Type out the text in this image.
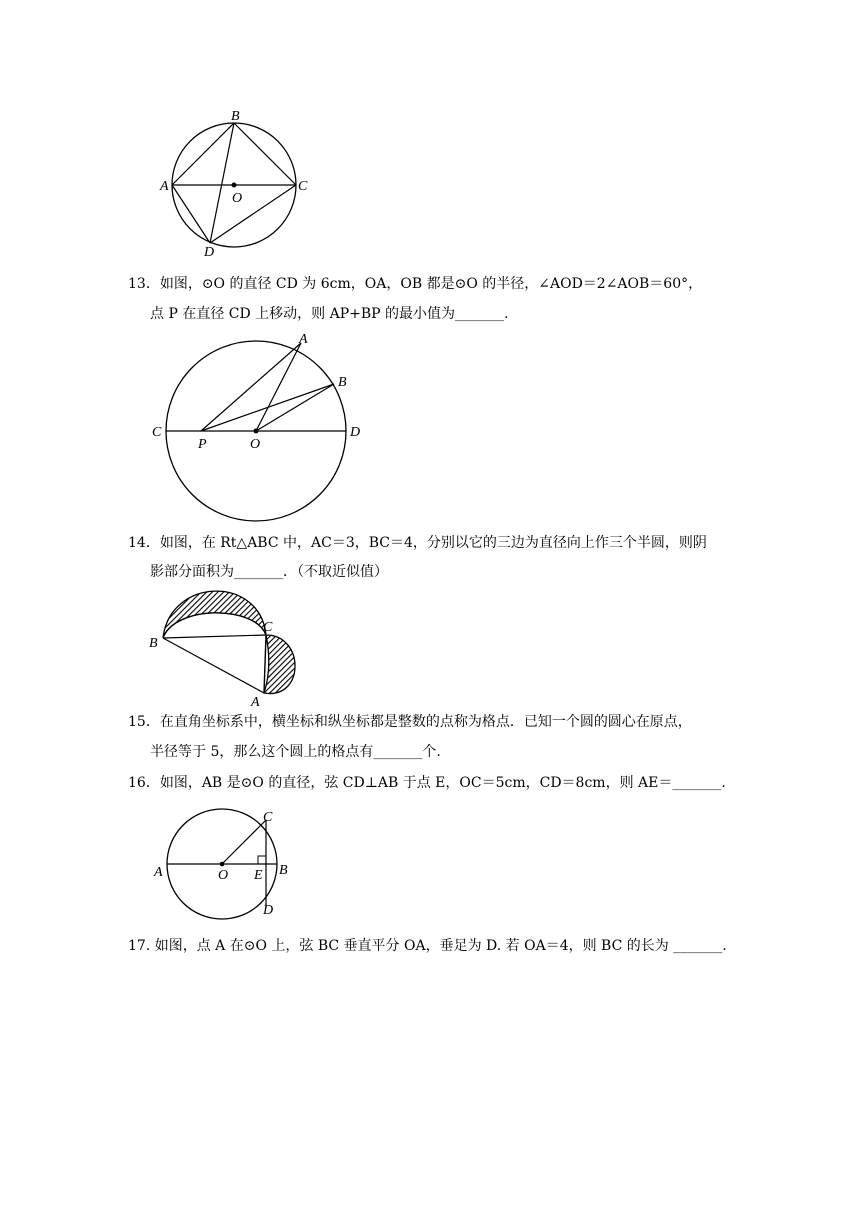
B
A	C
O
D
13．如图，⊙O 的直径 CD 为 6cm，OA，OB 都是⊙O 的半径，∠AOD＝2∠AOB＝60°，
点 P 在直径 CD 上移动，则 AP+BP 的最小值为_______.
A
B
C	D
P	O
14．如图，在 Rt△ABC 中，AC＝3，BC＝4，分别以它的三边为直径向上作三个半圆，则阴
影部分面积为_______．（不取近似值）
B
C
A
15．在直角坐标系中，横坐标和纵坐标都是整数的点称为格点．已知一个圆的圆心在原点，
半径等于 5，那么这个圆上的格点有_______个.
16．如图，AB 是⊙O 的直径，弦 CD⊥AB 于点 E，OC＝5cm，CD＝8cm，则 AE＝_______.
C
A	O E B
D
17. 如图，点 A 在⊙O 上，弦 BC 垂直平分 OA，垂足为 D. 若 OA＝4，则 BC 的长为 _______.
